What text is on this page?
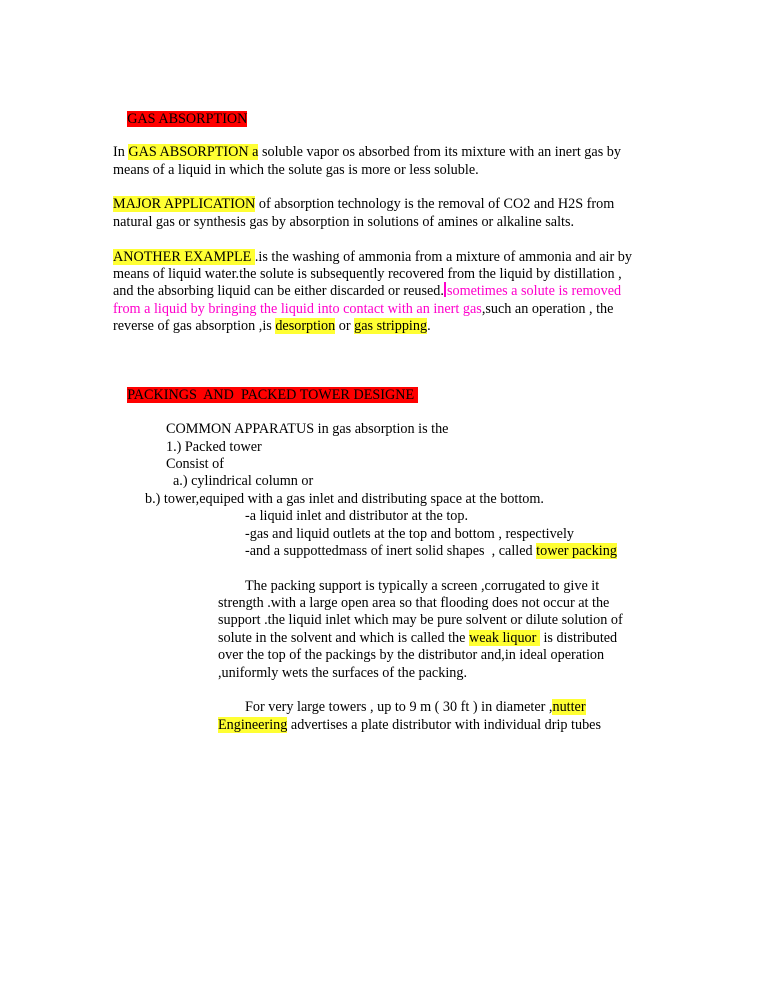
GAS ABSORPTION

In GAS ABSORPTION a soluble vapor os absorbed from its mixture with an inert gas by
means of a liquid in which the solute gas is more or less soluble.
MAJOR APPLICATION of absorption technology is the removal of CO2 and H2S from
natural gas or synthesis gas by absorption in solutions of amines or alkaline salts.
ANOTHER EXAMPLE .is the washing of ammonia from a mixture of ammonia and air by
means of liquid water.the solute is subsequently recovered from the liquid by distillation ,
and the absorbing liquid can be either discarded or reused. sometimes a solute is removed
from a liquid by bringing the liquid into contact with an inert gas,such an operation , the
reverse of gas absorption ,is desorption or gas stripping.

PACKINGS  AND  PACKED TOWER DESIGNE

COMMON APPARATUS in gas absorption is the
1.) Packed tower
Consist of
a.) cylindrical column or
b.) tower,equiped with a gas inlet and distributing space at the bottom.
-a liquid inlet and distributor at the top.
-gas and liquid outlets at the top and bottom , respectively
-and a suppottedmass of inert solid shapes  , called tower packing
The packing support is typically a screen ,corrugated to give it
strength .with a large open area so that flooding does not occur at the
support .the liquid inlet which may be pure solvent or dilute solution of
solute in the solvent and which is called the weak liquor  is distributed
over the top of the packings by the distributor and,in ideal operation
,uniformly wets the surfaces of the packing.
For very large towers , up to 9 m ( 30 ft ) in diameter ,nutter
Engineering advertises a plate distributor with individual drip tubes
